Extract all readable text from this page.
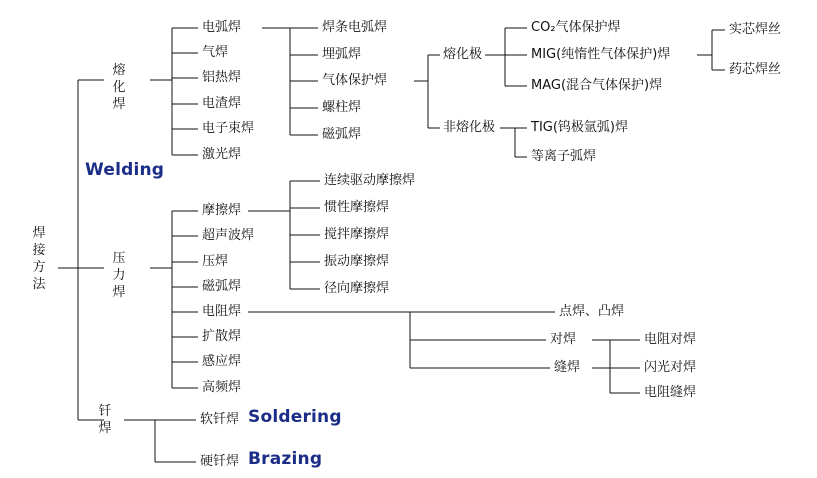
焊接方法
熔化焊
压力焊
钎焊
Welding
电弧焊
气焊
铝热焊
电渣焊
电子束焊
激光焊
焊条电弧焊
埋弧焊
气体保护焊
螺柱焊
磁弧焊
熔化极
非熔化极
CO₂气体保护焊
MIG(纯惰性气体保护)焊
MAG(混合气体保护)焊
实芯焊丝
药芯焊丝
TIG(钨极氩弧)焊
等离子弧焊
摩擦焊
超声波焊
压焊
磁弧焊
电阻焊
扩散焊
感应焊
高频焊
连续驱动摩擦焊
惯性摩擦焊
搅拌摩擦焊
振动摩擦焊
径向摩擦焊
点焊、凸焊
对焊
缝焊
电阻对焊
闪光对焊
电阻缝焊
软钎焊 Soldering
硬钎焊 Brazing
